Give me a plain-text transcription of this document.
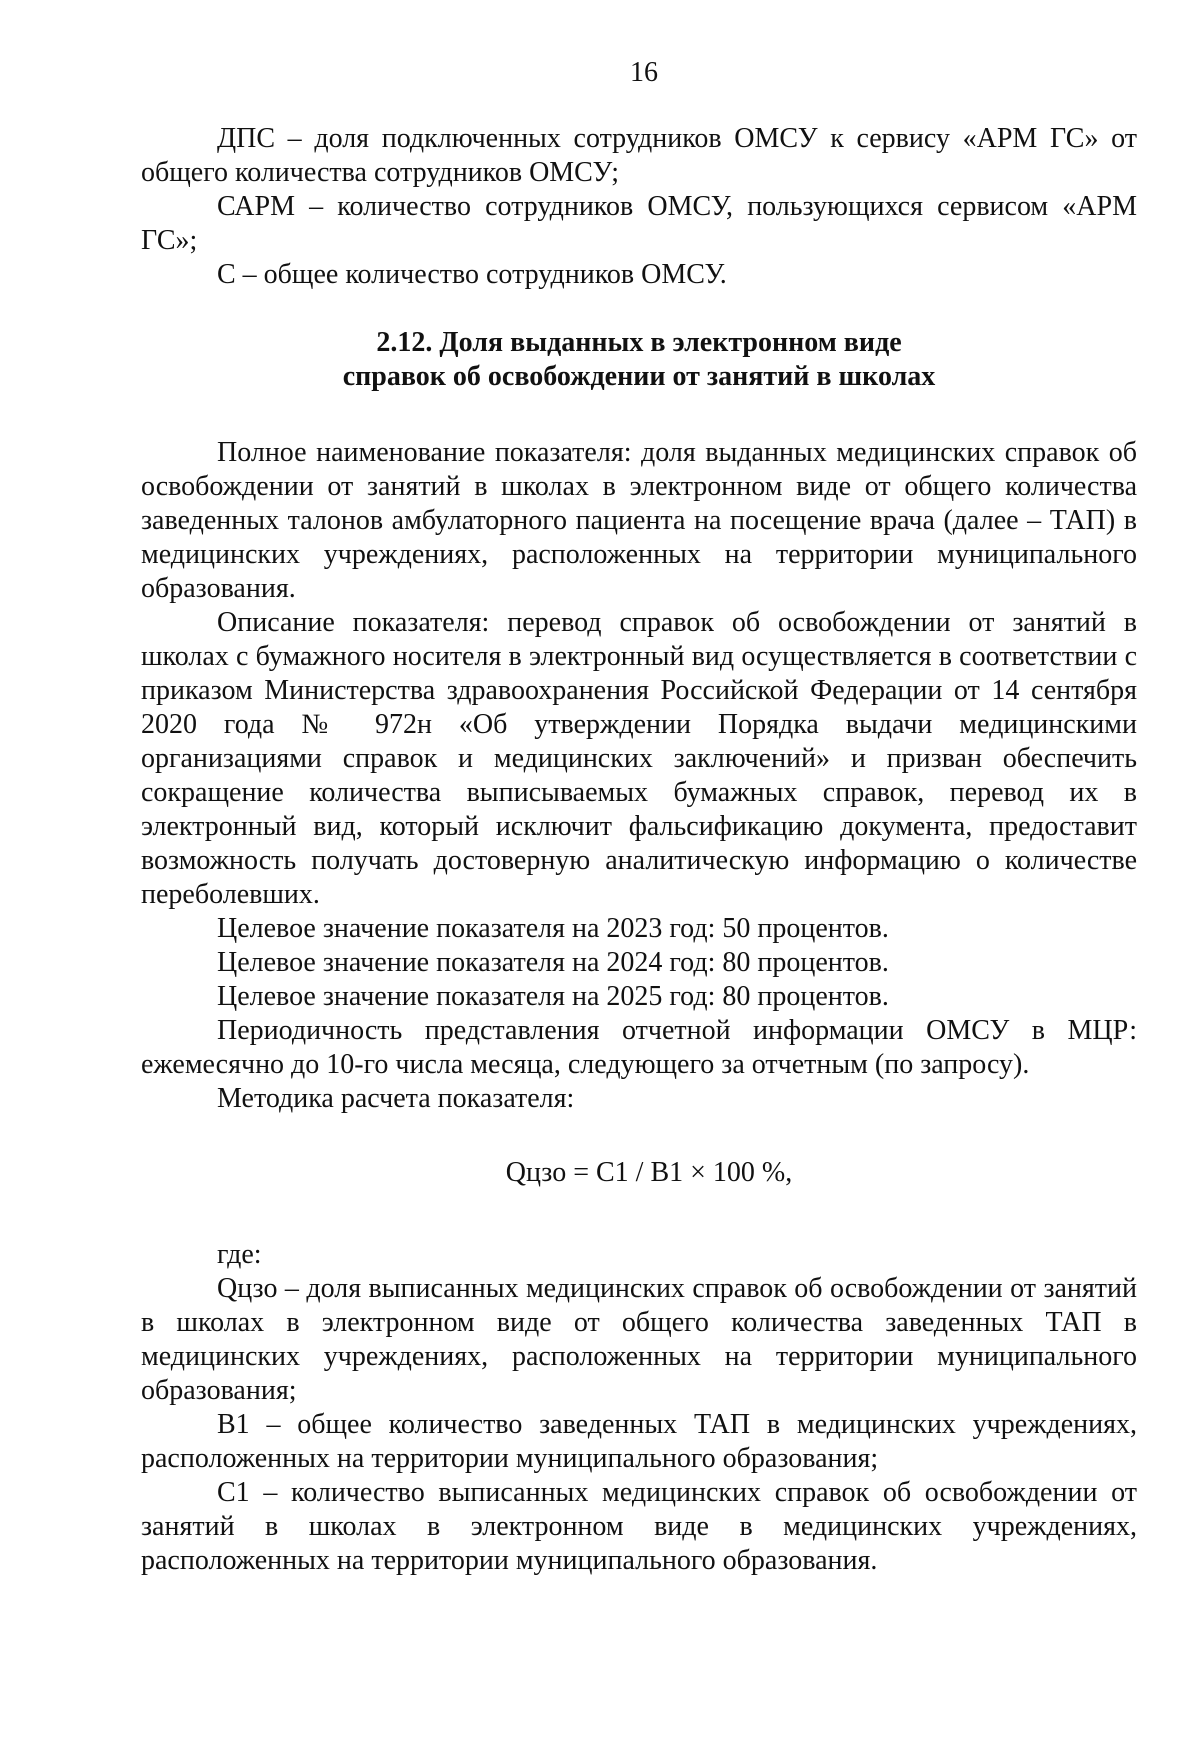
16

ДПС – доля подключенных сотрудников ОМСУ к сервису «АРМ ГС» от общего количества сотрудников ОМСУ;

САРМ – количество сотрудников ОМСУ, пользующихся сервисом «АРМ ГС»;

С – общее количество сотрудников ОМСУ.

2.12. Доля выданных в электронном виде
справок об освобождении от занятий в школах

Полное наименование показателя: доля выданных медицинских справок об освобождении от занятий в школах в электронном виде от общего количества заведенных талонов амбулаторного пациента на посещение врача (далее – ТАП) в медицинских учреждениях, расположенных на территории муниципального образования.

Описание показателя: перевод справок об освобождении от занятий в школах с бумажного носителя в электронный вид осуществляется в соответствии с приказом Министерства здравоохранения Российской Федерации от 14 сентября 2020 года № 972н «Об утверждении Порядка выдачи медицинскими организациями справок и медицинских заключений» и призван обеспечить сокращение количества выписываемых бумажных справок, перевод их в электронный вид, который исключит фальсификацию документа, предоставит возможность получать достоверную аналитическую информацию о количестве переболевших.

Целевое значение показателя на 2023 год: 50 процентов.

Целевое значение показателя на 2024 год: 80 процентов.

Целевое значение показателя на 2025 год: 80 процентов.

Периодичность представления отчетной информации ОМСУ в МЦР: ежемесячно до 10-го числа месяца, следующего за отчетным (по запросу).

Методика расчета показателя:

Qцзо = С1 / В1 × 100 %,

где:

Qцзо – доля выписанных медицинских справок об освобождении от занятий в школах в электронном виде от общего количества заведенных ТАП в медицинских учреждениях, расположенных на территории муниципального образования;

В1 – общее количество заведенных ТАП в медицинских учреждениях, расположенных на территории муниципального образования;

С1 – количество выписанных медицинских справок об освобождении от занятий в школах в электронном виде в медицинских учреждениях, расположенных на территории муниципального образования.
